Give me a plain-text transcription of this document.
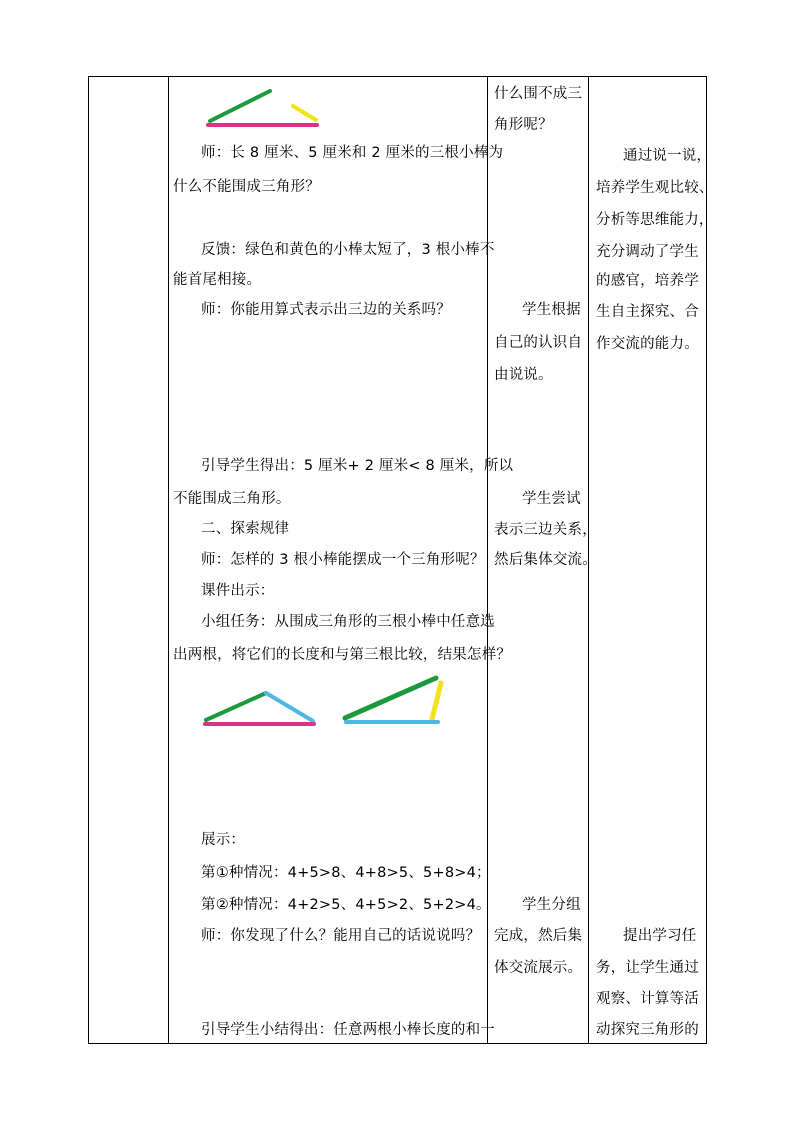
师：长 8 厘米、5 厘米和 2 厘米的三根小棒为
什么不能围成三角形？
反馈：绿色和黄色的小棒太短了，3 根小棒不
能首尾相接。
师：你能用算式表示出三边的关系吗？
引导学生得出：5 厘米+ 2 厘米< 8 厘米，所以
不能围成三角形。
二、探索规律
师：怎样的 3 根小棒能摆成一个三角形呢？
课件出示：
小组任务：从围成三角形的三根小棒中任意选
出两根，将它们的长度和与第三根比较，结果怎样？
展示：
第①种情况：4+5>8、4+8>5、5+8>4；
第②种情况：4+2>5、4+5>2、5+2>4。
师：你发现了什么？能用自己的话说说吗？
引导学生小结得出：任意两根小棒长度的和一
什么围不成三
角形呢？
学生根据
自己的认识自
由说说。
学生尝试
表示三边关系，
然后集体交流。
学生分组
完成，然后集
体交流展示。
通过说一说，
培养学生观比较、
分析等思维能力，
充分调动了学生
的感官，培养学
生自主探究、合
作交流的能力。
提出学习任
务，让学生通过
观察、计算等活
动探究三角形的
